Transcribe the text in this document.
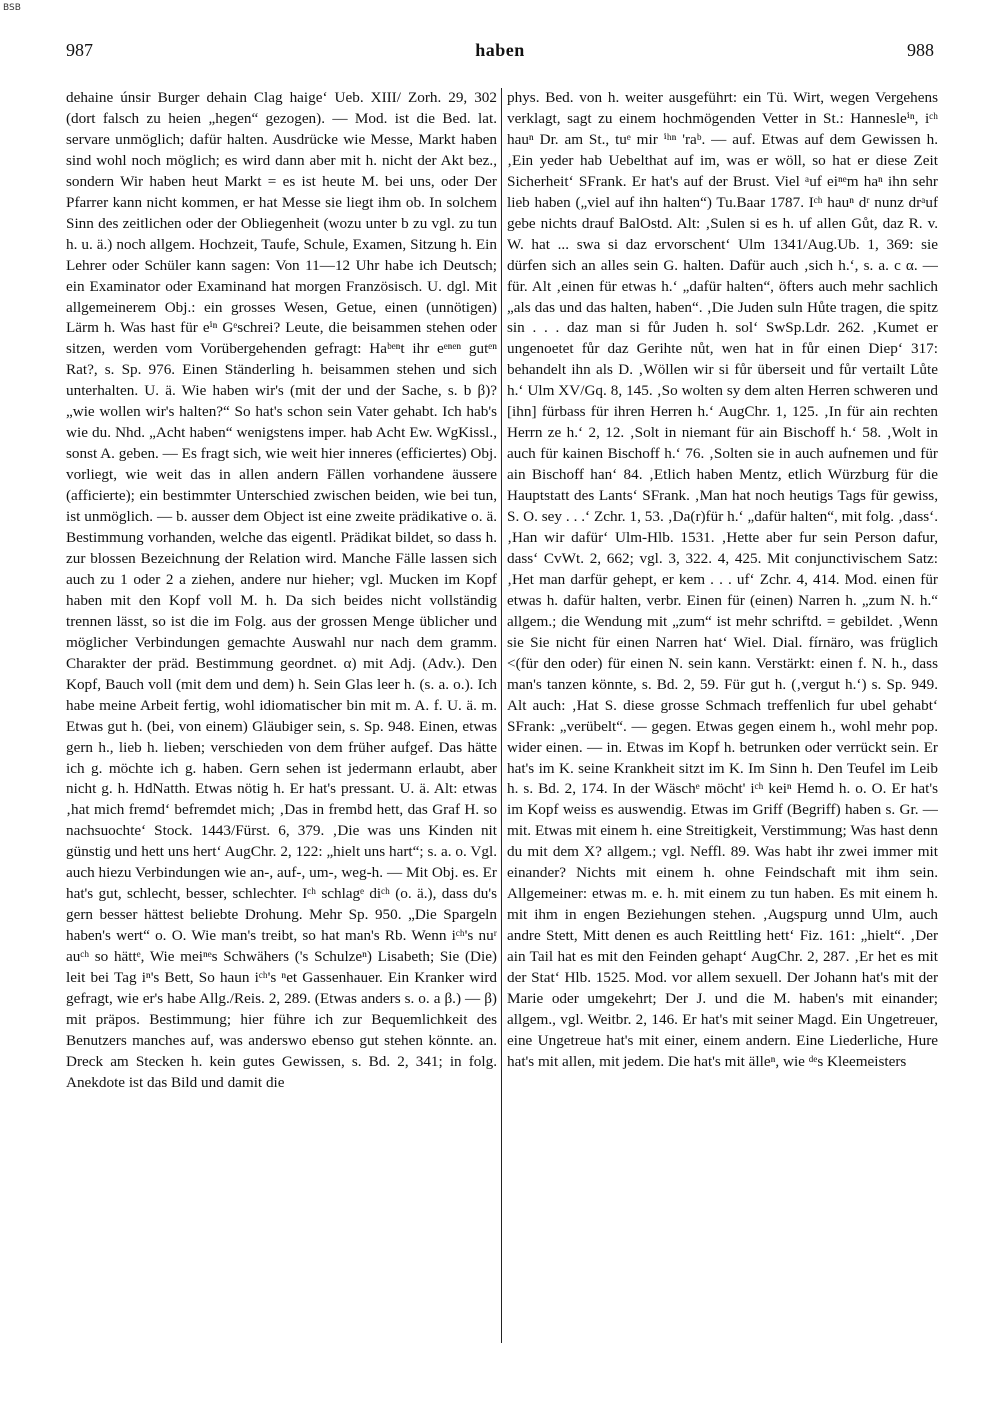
BSB
987	haben	988

dehaine únsir Burger dehain Clag haige‘ Ueb. XIII/ Zorh. 29, 302 (dort falsch zu heien „hegen“ gezogen). — Mod. ist die Bed. lat. servare unmöglich; dafür halten. Ausdrücke wie Messe, Markt haben sind wohl noch möglich; es wird dann aber mit h. nicht der Akt bez., sondern Wir haben heut Markt = es ist heute M. bei uns, oder Der Pfarrer kann nicht kommen, er hat Messe sie liegt ihm ob. In solchem Sinn des zeitlichen oder der Obliegenheit (wozu unter b zu vgl. zu tun h. u. ä.) noch allgem. Hochzeit, Taufe, Schule, Examen, Sitzung h. Ein Lehrer oder Schüler kann sagen: Von 11—12 Uhr habe ich Deutsch; ein Examinator oder Examinand hat morgen Französisch. U. dgl. Mit allgemeinerem Obj.: ein grosses Wesen, Getue, einen (unnötigen) Lärm h. Was hast für eⁱⁿ Gᵉschrei? Leute, die beisammen stehen oder sitzen, werden vom Vorübergehenden gefragt: Haᵇᵉⁿt ihr eᵉⁿᵉⁿ gutᵉⁿ Rat?, s. Sp. 976. Einen Ständerling h. beisammen stehen und sich unterhalten. U. ä. Wie haben wir's (mit der und der Sache, s. b β)? „wie wollen wir's halten?“ So hat's schon sein Vater gehabt. Ich hab's wie du. Nhd. „Acht haben“ wenigstens imper. hab Acht Ew. WgKissl., sonst A. geben. — Es fragt sich, wie weit hier inneres (efficiertes) Obj. vorliegt, wie weit das in allen andern Fällen vorhandene äussere (afficierte); ein bestimmter Unterschied zwischen beiden, wie bei tun, ist unmöglich. — b. ausser dem Object ist eine zweite prädikative o. ä. Bestimmung vorhanden, welche das eigentl. Prädikat bildet, so dass h. zur blossen Bezeichnung der Relation wird. Manche Fälle lassen sich auch zu 1 oder 2 a ziehen, andere nur hieher; vgl. Mucken im Kopf haben mit den Kopf voll M. h. Da sich beides nicht vollständig trennen lässt, so ist die im Folg. aus der grossen Menge üblicher und möglicher Verbindungen gemachte Auswahl nur nach dem gramm. Charakter der präd. Bestimmung geordnet. α) mit Adj. (Adv.). Den Kopf, Bauch voll (mit dem und dem) h. Sein Glas leer h. (s. a. o.). Ich habe meine Arbeit fertig, wohl idiomatischer bin mit m. A. f. U. ä. m. Etwas gut h. (bei, von einem) Gläubiger sein, s. Sp. 948. Einen, etwas gern h., lieb h. lieben; verschieden von dem früher aufgef. Das hätte ich g. möchte ich g. haben. Gern sehen ist jedermann erlaubt, aber nicht g. h. HdNatth. Etwas nötig h. Er hat's pressant. U. ä. Alt: etwas ‚hat mich fremd‘ befremdet mich; ‚Das in frembd hett, das Graf H. so nachsuochte‘ Stock. 1443/Fürst. 6, 379. ‚Die was uns Kinden nit günstig und hett uns hert‘ AugChr. 2, 122: „hielt uns hart“; s. a. o. Vgl. auch hiezu Verbindungen wie an-, auf-, um-, weg-h. — Mit Obj. es. Er hat's gut, schlecht, besser, schlechter. Iᶜʰ schlagᵉ diᶜʰ (o. ä.), dass du's gern besser hättest beliebte Drohung. Mehr Sp. 950. „Die Spargeln haben's wert“ o. O. Wie man's treibt, so hat man's Rb. Wenn iᶜʰ's nuʳ auᶜʰ so hättᵉ, Wie meiⁿᵉs Schwähers ('s Schulzeⁿ) Lisabeth; Sie (Die) leit bei Tag iⁿ's Bett, So haun iᶜʰ's ⁿet Gassenhauer. Ein Kranker wird gefragt, wie er's habe Allg./Reis. 2, 289. (Etwas anders s. o. a β.) — β) mit präpos. Bestimmung; hier führe ich zur Bequemlichkeit des Benutzers manches auf, was anderswo ebenso gut stehen könnte. an. Dreck am Stecken h. kein gutes Gewissen, s. Bd. 2, 341; in folg. Anekdote ist das Bild und damit die

phys. Bed. von h. weiter ausgeführt: ein Tü. Wirt, wegen Vergehens verklagt, sagt zu einem hochmögenden Vetter in St.: Hannesleⁱⁿ, iᶜʰ hauⁿ Dr. am St., tuᵉ mir ⁱʰⁿ 'raᵇ. — auf. Etwas auf dem Gewissen h. ‚Ein yeder hab Uebelthat auf im, was er wöll, so hat er diese Zeit Sicherheit‘ SFrank. Er hat's auf der Brust. Viel ᵃuf eiⁿᵉm haⁿ ihn sehr lieb haben („viel auf ihn halten“) Tu.Baar 1787. Iᶜʰ hauⁿ dʳ nunz drᵃuf gebe nichts drauf BalOstd. Alt: ‚Sulen si es h. uf allen Gůt, daz R. v. W. hat ... swa si daz ervorschent‘ Ulm 1341/Aug.Ub. 1, 369: sie dürfen sich an alles sein G. halten. Dafür auch ‚sich h.‘, s. a. c α. — für. Alt ‚einen für etwas h.‘ „dafür halten“, öfters auch mehr sachlich „als das und das halten, haben“. ‚Die Juden suln Hůte tragen, die spitz sin . . . daz man si fůr Juden h. sol‘ SwSp.Ldr. 262. ‚Kumet er ungenoetet fůr daz Gerihte nůt, wen hat in fůr einen Diep‘ 317: behandelt ihn als D. ‚Wöllen wir si fůr überseit und fůr vertailt Lůte h.‘ Ulm XV/Gq. 8, 145. ‚So wolten sy dem alten Herren schweren und [ihn] fürbass für ihren Herren h.‘ AugChr. 1, 125. ‚In für ain rechten Herrn ze h.‘ 2, 12. ‚Solt in niemant für ain Bischoff h.‘ 58. ‚Wolt in auch für kainen Bischoff h.‘ 76. ‚Solten sie in auch aufnemen und für ain Bischoff han‘ 84. ‚Etlich haben Mentz, etlich Würzburg für die Hauptstatt des Lants‘ SFrank. ‚Man hat noch heutigs Tags für gewiss, S. O. sey . . .‘ Zchr. 1, 53. ‚Da(r)für h.‘ „dafür halten“, mit folg. ‚dass‘. ‚Han wir dafür‘ Ulm-Hlb. 1531. ‚Hette aber fur sein Person dafur, dass‘ CvWt. 2, 662; vgl. 3, 322. 4, 425. Mit conjunctivischem Satz: ‚Het man darfür gehept, er kem . . . uf‘ Zchr. 4, 414. Mod. einen für etwas h. dafür halten, verbr. Einen für (einen) Narren h. „zum N. h.“ allgem.; die Wendung mit „zum“ ist mehr schriftd. = gebildet. ‚Wenn sie Sie nicht für einen Narren hat‘ Wiel. Dial. fírnäro, was früglich <(für den oder) für einen N. sein kann. Verstärkt: einen f. N. h., dass man's tanzen könnte, s. Bd. 2, 59. Für gut h. (‚vergut h.‘) s. Sp. 949. Alt auch: ‚Hat S. diese grosse Schmach treffenlich fur ubel gehabt‘ SFrank: „verübelt“. — gegen. Etwas gegen einem h., wohl mehr pop. wider einen. — in. Etwas im Kopf h. betrunken oder verrückt sein. Er hat's im K. seine Krankheit sitzt im K. Im Sinn h. Den Teufel im Leib h. s. Bd. 2, 174. In der Wäschᵉ möcht' iᶜʰ keiⁿ Hemd h. o. O. Er hat's im Kopf weiss es auswendig. Etwas im Griff (Begriff) haben s. Gr. — mit. Etwas mit einem h. eine Streitigkeit, Verstimmung; Was hast denn du mit dem X? allgem.; vgl. Neffl. 89. Was habt ihr zwei immer mit einander? Nichts mit einem h. ohne Feindschaft mit ihm sein. Allgemeiner: etwas m. e. h. mit einem zu tun haben. Es mit einem h. mit ihm in engen Beziehungen stehen. ‚Augspurg unnd Ulm, auch andre Stett, Mitt denen es auch Reittling hett‘ Fiz. 161: „hielt“. ‚Der ain Tail hat es mit den Feinden gehapt‘ AugChr. 2, 287. ‚Er het es mit der Stat‘ Hlb. 1525. Mod. vor allem sexuell. Der Johann hat's mit der Marie oder umgekehrt; Der J. und die M. haben's mit einander; allgem., vgl. Weitbr. 2, 146. Er hat's mit seiner Magd. Ein Ungetreuer, eine Ungetreue hat's mit einer, einem andern. Eine Liederliche, Hure hat's mit allen, mit jedem. Die hat's mit älleⁿ, wie ᵈᵉs Kleemeisters
